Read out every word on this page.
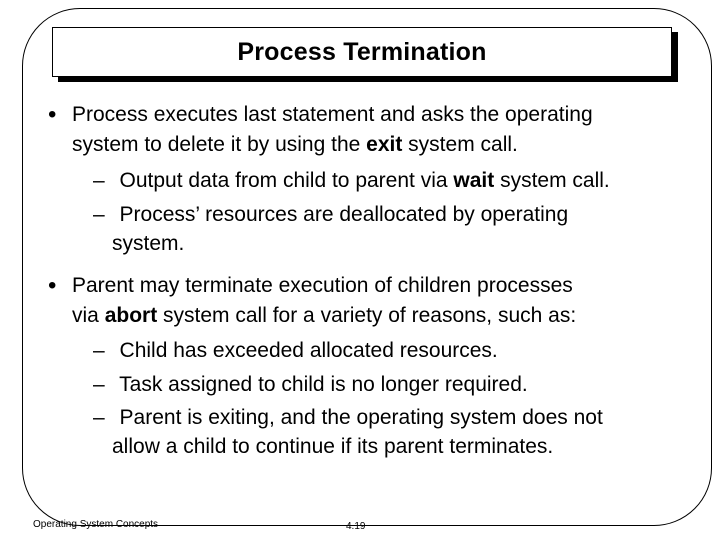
Process Termination
• Process executes last statement and asks the operating
system to delete it by using the exit system call.
– Output data from child to parent via wait system call.
– Process’ resources are deallocated by operating
system.
• Parent may terminate execution of children processes
via abort system call for a variety of reasons, such as:
– Child has exceeded allocated resources.
– Task assigned to child is no longer required.
– Parent is exiting, and the operating system does not
allow a child to continue if its parent terminates.
Operating System Concepts	4.19
